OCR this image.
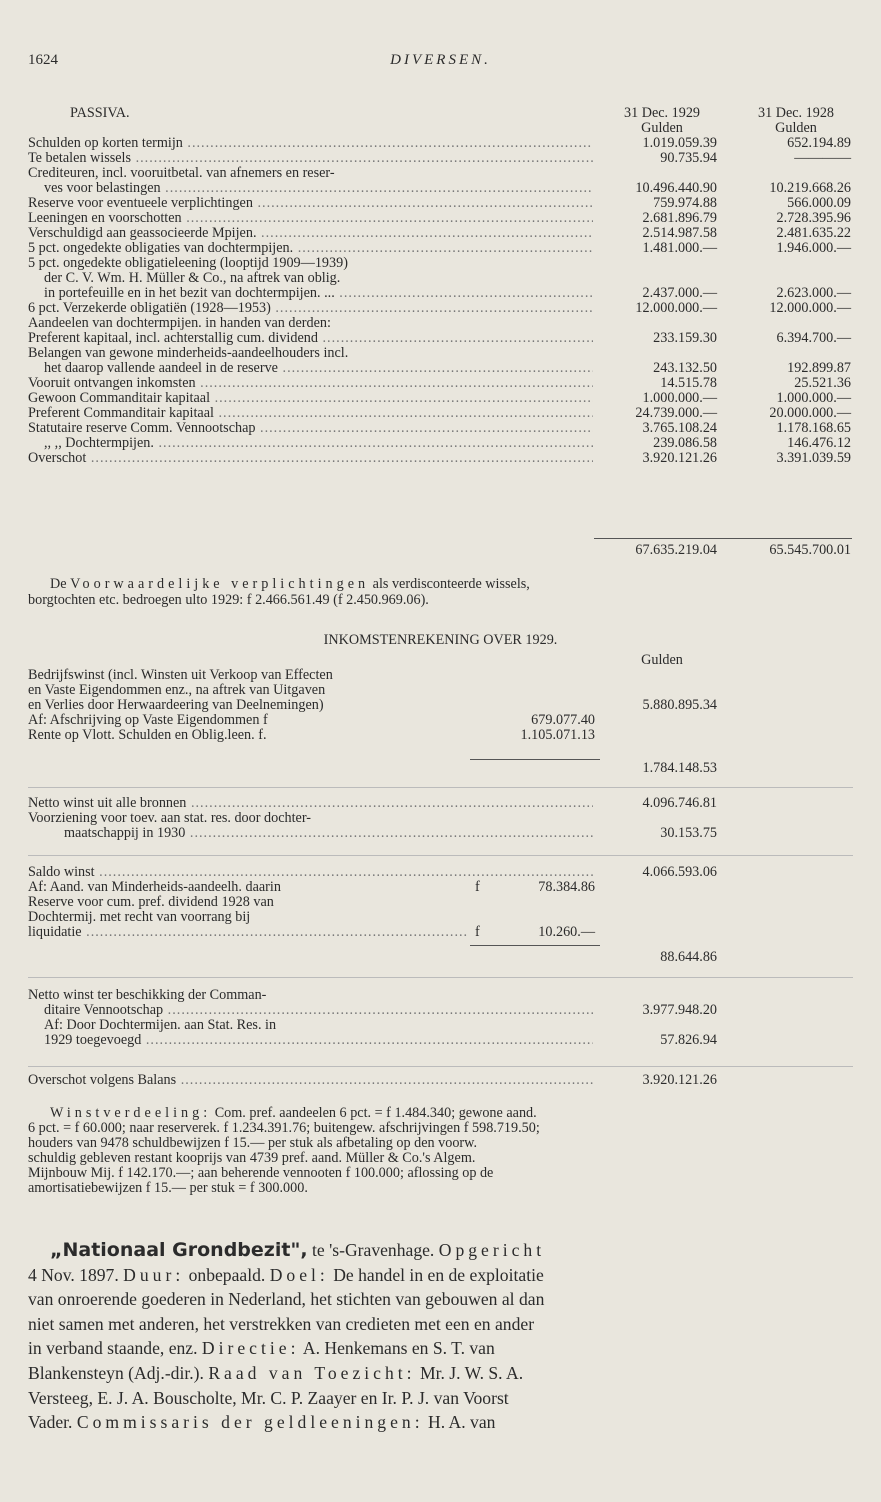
1624	DIVERSEN.
PASSIVA.	31 Dec. 1929	31 Dec. 1928
Gulden	Gulden
Schulden op korten termijn .....	1.019.059.39	652.194.89
Te betalen wissels .....	90.735.94	————
Crediteuren, incl. vooruitbetal. van afnemers en reser-
ves voor belastingen .....	10.496.440.90	10.219.668.26
Reserve voor eventueele verplichtingen .....	759.974.88	566.000.09
Leeningen en voorschotten .....	2.681.896.79	2.728.395.96
Verschuldigd aan geassocieerde Mpijen. .....	2.514.987.58	2.481.635.22
5 pct. ongedekte obligaties van dochtermpijen. .....	1.481.000.—	1.946.000.—
5 pct. ongedekte obligatieleening (looptijd 1909—1939)
der C. V. Wm. H. Müller & Co., na aftrek van oblig.
in portefeuille en in het bezit van dochtermpijen. ... .....	2.437.000.—	2.623.000.—
6 pct. Verzekerde obligatiën (1928—1953) .....	12.000.000.—	12.000.000.—
Aandeelen van dochtermpijen. in handen van derden:
Preferent kapitaal, incl. achterstallig cum. dividend .....	233.159.30	6.394.700.—
Belangen van gewone minderheids-aandeelhouders incl.
het daarop vallende aandeel in de reserve .....	243.132.50	192.899.87
Vooruit ontvangen inkomsten .....	14.515.78	25.521.36
Gewoon Commanditair kapitaal .....	1.000.000.—	1.000.000.—
Preferent Commanditair kapitaal .....	24.739.000.—	20.000.000.—
Statutaire reserve Comm. Vennootschap .....	3.765.108.24	1.178.168.65
,, ,, Dochtermpijen. .....	239.086.58	146.476.12
Overschot .....	3.920.121.26	3.391.039.59
67.635.219.04	65.545.700.01
De Voorwaardelijke verplichtingen als verdisconteerde wissels,
borgtochten etc. bedroegen ulto 1929: f 2.466.561.49 (f 2.450.969.06).
INKOMSTENREKENING OVER 1929.
Gulden
Bedrijfswinst (incl. Winsten uit Verkoop van Effecten
en Vaste Eigendommen enz., na aftrek van Uitgaven
en Verlies door Herwaardeering van Deelnemingen)	5.880.895.34
Af: Afschrijving op Vaste Eigendommen f	679.077.40
Rente op Vlott. Schulden en Oblig.leen. f.	1.105.071.13
1.784.148.53
Netto winst uit alle bronnen .....	4.096.746.81
Voorziening voor toev. aan stat. res. door dochter-
maatschappij in 1930 .....	30.153.75
Saldo winst .....	4.066.593.06
Af: Aand. van Minderheids-aandeelh. daarin	f	78.384.86
Reserve voor cum. pref. dividend 1928 van
Dochtermij. met recht van voorrang bij
liquidatie .....	f	10.260.—
88.644.86
Netto winst ter beschikking der Comman-
ditaire Vennootschap .....	3.977.948.20
Af: Door Dochtermijen. aan Stat. Res. in
1929 toegevoegd .....	57.826.94
Overschot volgens Balans .....	3.920.121.26
Winstverdeeling: Com. pref. aandeelen 6 pct. = f 1.484.340; gewone aand.
6 pct. = f 60.000; naar reserverek. f 1.234.391.76; buitengew. afschrijvingen f 598.719.50;
houders van 9478 schuldbewijzen f 15.— per stuk als afbetaling op den voorw.
schuldig gebleven restant kooprijs van 4739 pref. aand. Müller & Co.'s Algem.
Mijnbouw Mij. f 142.170.—; aan beherende vennooten f 100.000; aflossing op de
amortisatiebewijzen f 15.— per stuk = f 300.000.
„Nationaal Grondbezit", te 's-Gravenhage. Opgericht
4 Nov. 1897. Duur: onbepaald. Doel: De handel in en de exploitatie
van onroerende goederen in Nederland, het stichten van gebouwen al dan
niet samen met anderen, het verstrekken van credieten met een en ander
in verband staande, enz. Directie: A. Henkemans en S. T. van
Blankensteyn (Adj.-dir.). Raad van Toezicht: Mr. J. W. S. A.
Versteeg, E. J. A. Bouscholte, Mr. C. P. Zaayer en Ir. P. J. van Voorst
Vader. Commissaris der geldleeningen: H. A. van
